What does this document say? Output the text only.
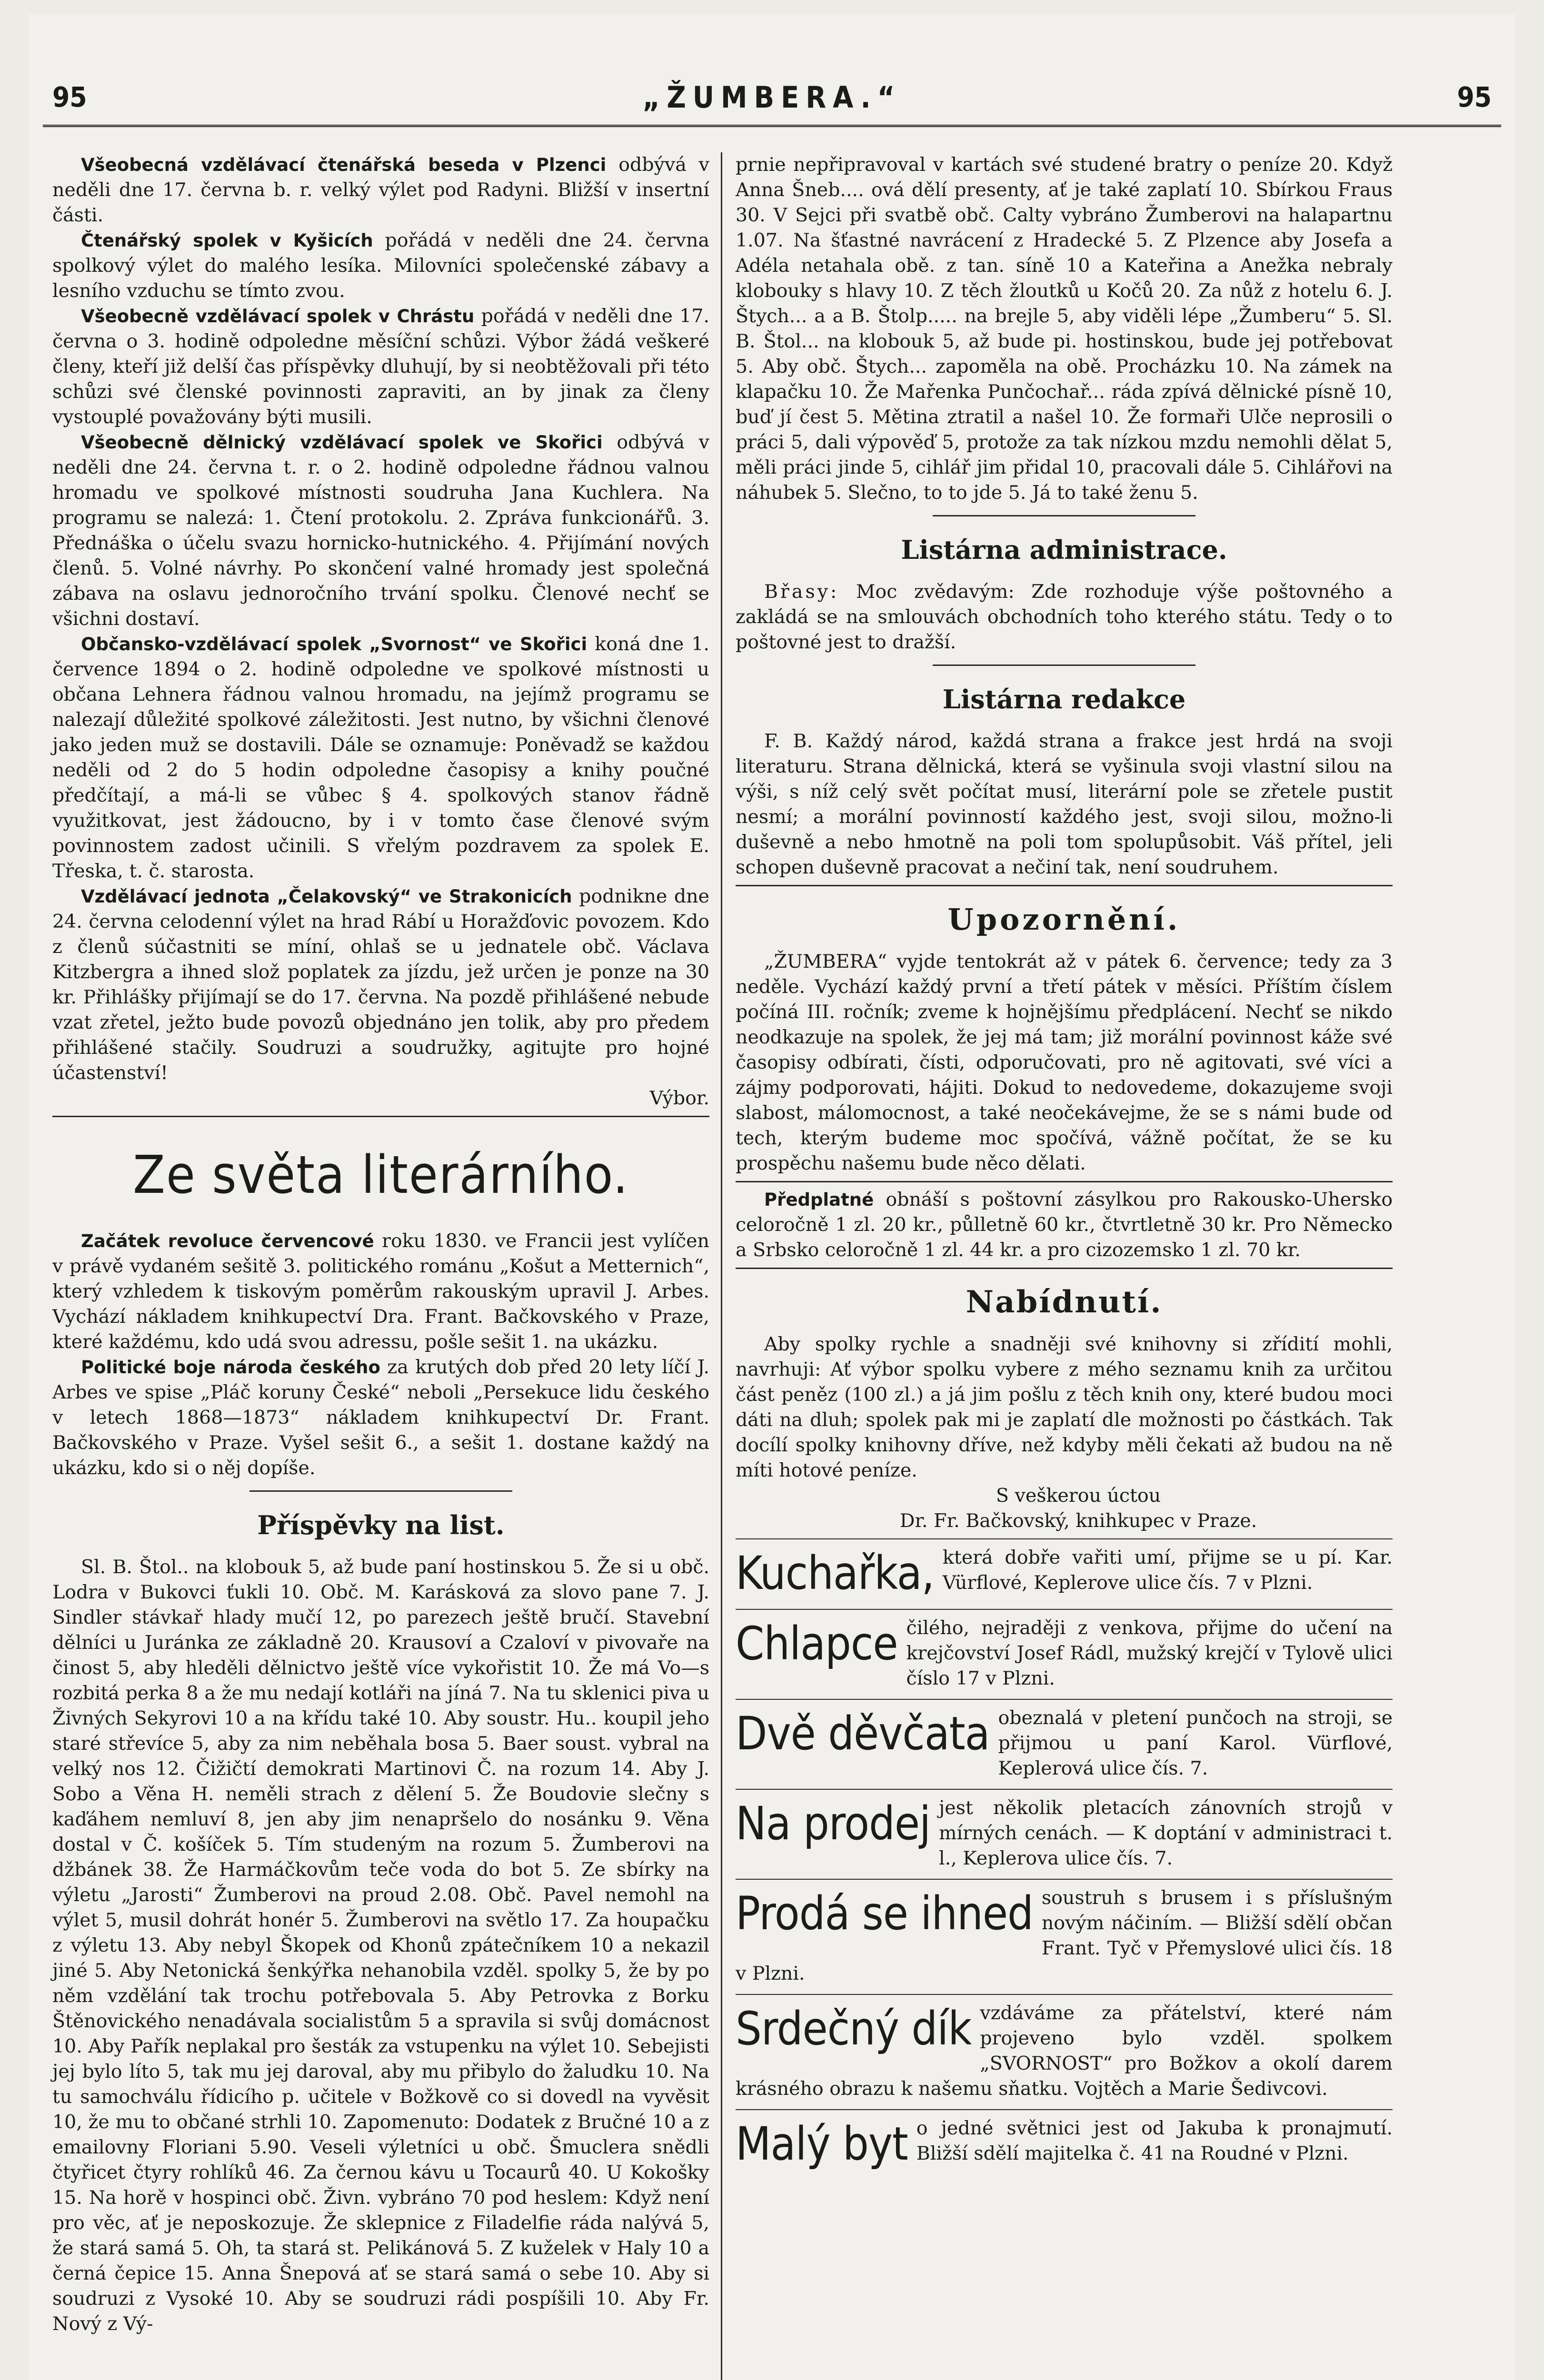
95	„ŽUMBERA.“	95

Všeobecná vzdělávací čtenářská beseda v Plzenci odbývá v neděli dne 17. června b. r. velký výlet pod Radyni. Bližší v insertní části.

Čtenářský spolek v Kyšicích pořádá v neděli dne 24. června spolkový výlet do malého lesíka. Milovníci společenské zábavy a lesního vzduchu se tímto zvou.

Všeobecně vzdělávací spolek v Chrástu pořádá v neděli dne 17. června o 3. hodině odpoledne měsíční schůzi. Výbor žádá veškeré členy, kteří již delší čas příspěvky dluhují, by si neobtěžovali při této schůzi své členské povinnosti zapraviti, an by jinak za členy vystouplé považovány býti musili.

Všeobecně dělnický vzdělávací spolek ve Skořici odbývá v neděli dne 24. června t. r. o 2. hodině odpoledne řádnou valnou hromadu ve spolkové místnosti soudruha Jana Kuchlera. Na programu se nalezá: 1. Čtení protokolu. 2. Zpráva funkcionářů. 3. Přednáška o účelu svazu hornicko-hutnického. 4. Přijímání nových členů. 5. Volné návrhy. Po skončení valné hromady jest společná zábava na oslavu jednoročního trvání spolku. Členové nechť se všichni dostaví.

Občansko-vzdělávací spolek „Svornost“ ve Skořici koná dne 1. července 1894 o 2. hodině odpoledne ve spolkové místnosti u občana Lehnera řádnou valnou hromadu, na jejímž programu se nalezají důležité spolkové záležitosti. Jest nutno, by všichni členové jako jeden muž se dostavili. Dále se oznamuje: Poněvadž se každou neděli od 2 do 5 hodin odpoledne časopisy a knihy poučné předčítají, a má-li se vůbec § 4. spolkových stanov řádně využitkovat, jest žádoucno, by i v tomto čase členové svým povinnostem zadost učinili. S vřelým pozdravem za spolek E. Třeska, t. č. starosta.

Vzdělávací jednota „Čelakovský“ ve Strakonicích podnikne dne 24. června celodenní výlet na hrad Rábí u Horažďovic povozem. Kdo z členů súčastniti se míní, ohlaš se u jednatele obč. Václava Kitzbergra a ihned slož poplatek za jízdu, jež určen je ponze na 30 kr. Přihlášky přijímají se do 17. června. Na pozdě přihlášené nebude vzat zřetel, ježto bude povozů objednáno jen tolik, aby pro předem přihlášené stačily. Soudruzi a soudružky, agitujte pro hojné účastenství!

Výbor.

Ze světa literárního.

Začátek revoluce červencové roku 1830. ve Francii jest vylíčen v právě vydaném sešitě 3. politického románu „Košut a Metternich“, který vzhledem k tiskovým poměrům rakouským upravil J. Arbes. Vychází nákladem knihkupectví Dra. Frant. Bačkovského v Praze, které každému, kdo udá svou adressu, pošle sešit 1. na ukázku.

Politické boje národa českého za krutých dob před 20 lety líčí J. Arbes ve spise „Pláč koruny České“ neboli „Persekuce lidu českého v letech 1868—1873“ nákladem knihkupectví Dr. Frant. Bačkovského v Praze. Vyšel sešit 6., a sešit 1. dostane každý na ukázku, kdo si o něj dopíše.

Příspěvky na list.

Sl. B. Štol.. na klobouk 5, až bude paní hostinskou 5. Že si u obč. Lodra v Bukovci ťukli 10. Obč. M. Karásková za slovo pane 7. J. Sindler stávkař hlady mučí 12, po parezech ještě bručí. Stavební dělníci u Juránka ze základně 20. Krausoví a Czaloví v pivovaře na činost 5, aby hleděli dělnictvo ještě více vykořistit 10. Že má Vo—s rozbitá perka 8 a že mu nedají kotláři na jíná 7. Na tu sklenici piva u Živných Sekyrovi 10 a na křídu také 10. Aby soustr. Hu.. koupil jeho staré střevíce 5, aby za nim neběhala bosa 5. Baer soust. vybral na velký nos 12. Čižičtí demokrati Martinovi Č. na rozum 14. Aby J. Sobo a Věna H. neměli strach z dělení 5. Že Boudovie slečny s kaďáhem nemluví 8, jen aby jim nenapršelo do nosánku 9. Věna dostal v Č. košíček 5. Tím studeným na rozum 5. Žumberovi na džbánek 38. Že Harmáčkovům teče voda do bot 5. Ze sbírky na výletu „Jarosti“ Žumberovi na proud 2.08. Obč. Pavel nemohl na výlet 5, musil dohrát honér 5. Žumberovi na světlo 17. Za houpačku z výletu 13. Aby nebyl Škopek od Khonů zpátečníkem 10 a nekazil jiné 5. Aby Netonická šenkýřka nehanobila vzděl. spolky 5, že by po něm vzdělání tak trochu potřebovala 5. Aby Petrovka z Borku Štěnovického nenadávala socialistům 5 a spravila si svůj domácnost 10. Aby Pařík neplakal pro šesták za vstupenku na výlet 10. Sebejisti jej bylo líto 5, tak mu jej daroval, aby mu přibylo do žaludku 10. Na tu samochválu řídicího p. učitele v Božkově co si dovedl na vyvěsit 10, že mu to občané strhli 10. Zapomenuto: Dodatek z Bručné 10 a z emailovny Floriani 5.90. Veseli výletníci u obč. Šmuclera snědli čtyřicet čtyry rohlíků 46. Za černou kávu u Tocaurů 40. U Kokošky 15. Na horě v hospinci obč. Živn. vybráno 70 pod heslem: Když není pro věc, ať je neposkozuje. Že sklepnice z Filadelfie ráda nalývá 5, že stará samá 5. Oh, ta stará st. Pelikánová 5. Z kuželek v Haly 10 a černá čepice 15. Anna Šnepová ať se stará samá o sebe 10. Aby si soudruzi z Vysoké 10. Aby se soudruzi rádi pospíšili 10. Aby Fr. Nový z Vý-

prnie nepřipravoval v kartách své studené bratry o peníze 20. Když Anna Šneb.... ová dělí presenty, ať je také zaplatí 10. Sbírkou Fraus 30. V Sejci při svatbě obč. Calty vybráno Žumberovi na halapartnu 1.07. Na šťastné navrácení z Hradecké 5. Z Plzence aby Josefa a Adéla netahala obě. z tan. síně 10 a Kateřina a Anežka nebraly klobouky s hlavy 10. Z těch žloutků u Kočů 20. Za nůž z hotelu 6. J. Štych... a a B. Štolp..... na brejle 5, aby viděli lépe „Žumberu“ 5. Sl. B. Štol... na klobouk 5, až bude pi. hostinskou, bude jej potřebovat 5. Aby obč. Štych... zapoměla na obě. Procházku 10. Na zámek na klapačku 10. Že Mařenka Punčochař... ráda zpívá dělnické písně 10, buď jí čest 5. Mětina ztratil a našel 10. Že formaři Ulče neprosili o práci 5, dali výpověď 5, protože za tak nízkou mzdu nemohli dělat 5, měli práci jinde 5, cihlář jim přidal 10, pracovali dále 5. Cihlářovi na náhubek 5. Slečno, to to jde 5. Já to také ženu 5.

Listárna administrace.

Břasy: Moc zvědavým: Zde rozhoduje výše poštovného a zakládá se na smlouvách obchodních toho kterého státu. Tedy o to poštovné jest to dražší.

Listárna redakce

F. B. Každý národ, každá strana a frakce jest hrdá na svoji literaturu. Strana dělnická, která se vyšinula svoji vlastní silou na výši, s níž celý svět počítat musí, literární pole se zřetele pustit nesmí; a morální povinností každého jest, svoji silou, možno-li duševně a nebo hmotně na poli tom spolupůsobit. Váš přítel, jeli schopen duševně pracovat a nečiní tak, není soudruhem.

Upozornění.

„ŽUMBERA“ vyjde tentokrát až v pátek 6. července; tedy za 3 neděle. Vychází každý první a třetí pátek v měsíci. Příštím číslem počíná III. ročník; zveme k hojnějšímu předplácení. Nechť se nikdo neodkazuje na spolek, že jej má tam; již morální povinnost káže své časopisy odbírati, čísti, odporučovati, pro ně agitovati, své víci a zájmy podporovati, hájiti. Dokud to nedovedeme, dokazujeme svoji slabost, málomocnost, a také neočekávejme, že se s námi bude od tech, kterým budeme moc spočívá, vážně počítat, že se ku prospěchu našemu bude něco dělati.

Předplatné obnáší s poštovní zásylkou pro Rakousko-Uhersko celoročně 1 zl. 20 kr., půlletně 60 kr., čtvrtletně 30 kr. Pro Německo a Srbsko celoročně 1 zl. 44 kr. a pro cizozemsko 1 zl. 70 kr.

Nabídnutí.

Aby spolky rychle a snadněji své knihovny si zřídití mohli, navrhuji: Ať výbor spolku vybere z mého seznamu knih za určitou část peněz (100 zl.) a já jim pošlu z těch knih ony, které budou moci dáti na dluh; spolek pak mi je zaplatí dle možnosti po částkách. Tak docílí spolky knihovny dříve, než kdyby měli čekati až budou na ně míti hotové peníze.

S veškerou úctou

Dr. Fr. Bačkovský, knihkupec v Praze.

Kuchařka, která dobře vařiti umí, přijme se u pí. Kar. Vürflové, Keplerove ulice čís. 7 v Plzni.
Chlapce čilého, nejraději z venkova, přijme do učení na krejčovství Josef Rádl, mužský krejčí v Tylově ulici číslo 17 v Plzni.
Dvě děvčata obeznalá v pletení punčoch na stroji, se přijmou u paní Karol. Vürflové, Keplerová ulice čís. 7.
Na prodej jest několik pletacích zánovních strojů v mírných cenách. — K doptání v administraci t. l., Keplerova ulice čís. 7.
Prodá se ihned soustruh s brusem i s příslušným novým náčiním. — Bližší sdělí občan Frant. Tyč v Přemyslové ulici čís. 18 v Plzni.
Srdečný dík vzdáváme za přátelství, které nám projeveno bylo vzděl. spolkem „SVORNOST“ pro Božkov a okolí darem krásného obrazu k našemu sňatku. Vojtěch a Marie Šedivcovi.
Malý byt o jedné světnici jest od Jakuba k pronajmutí. Bližší sdělí majitelka č. 41 na Roudné v Plzni.
